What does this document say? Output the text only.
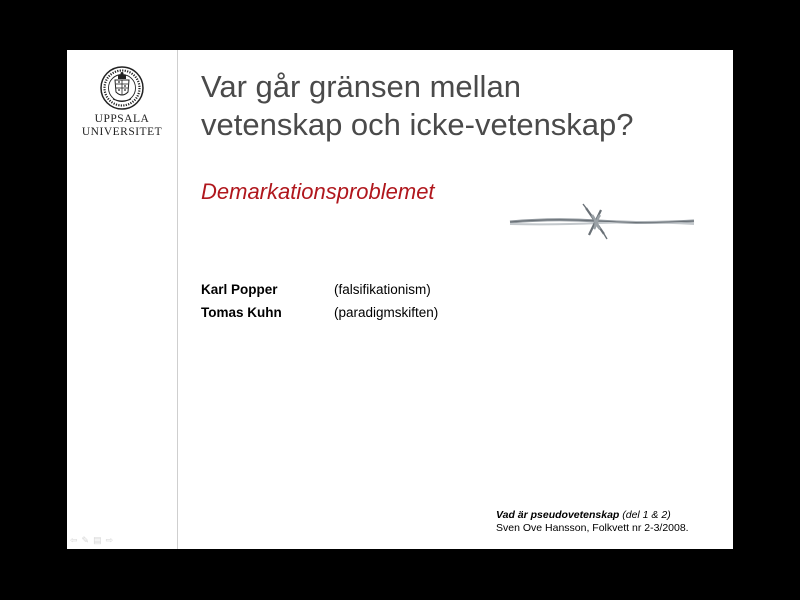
UPPSALA
UNIVERSITET
Var går gränsen mellan
vetenskap och icke-vetenskap?
Demarkationsproblemet
Karl Popper	(falsifikationism)
Tomas Kuhn	(paradigmskiften)
Vad är pseudovetenskap (del 1 & 2)
Sven Ove Hansson, Folkvett nr 2-3/2008.
⇦ ✎ ▤ ⇨
